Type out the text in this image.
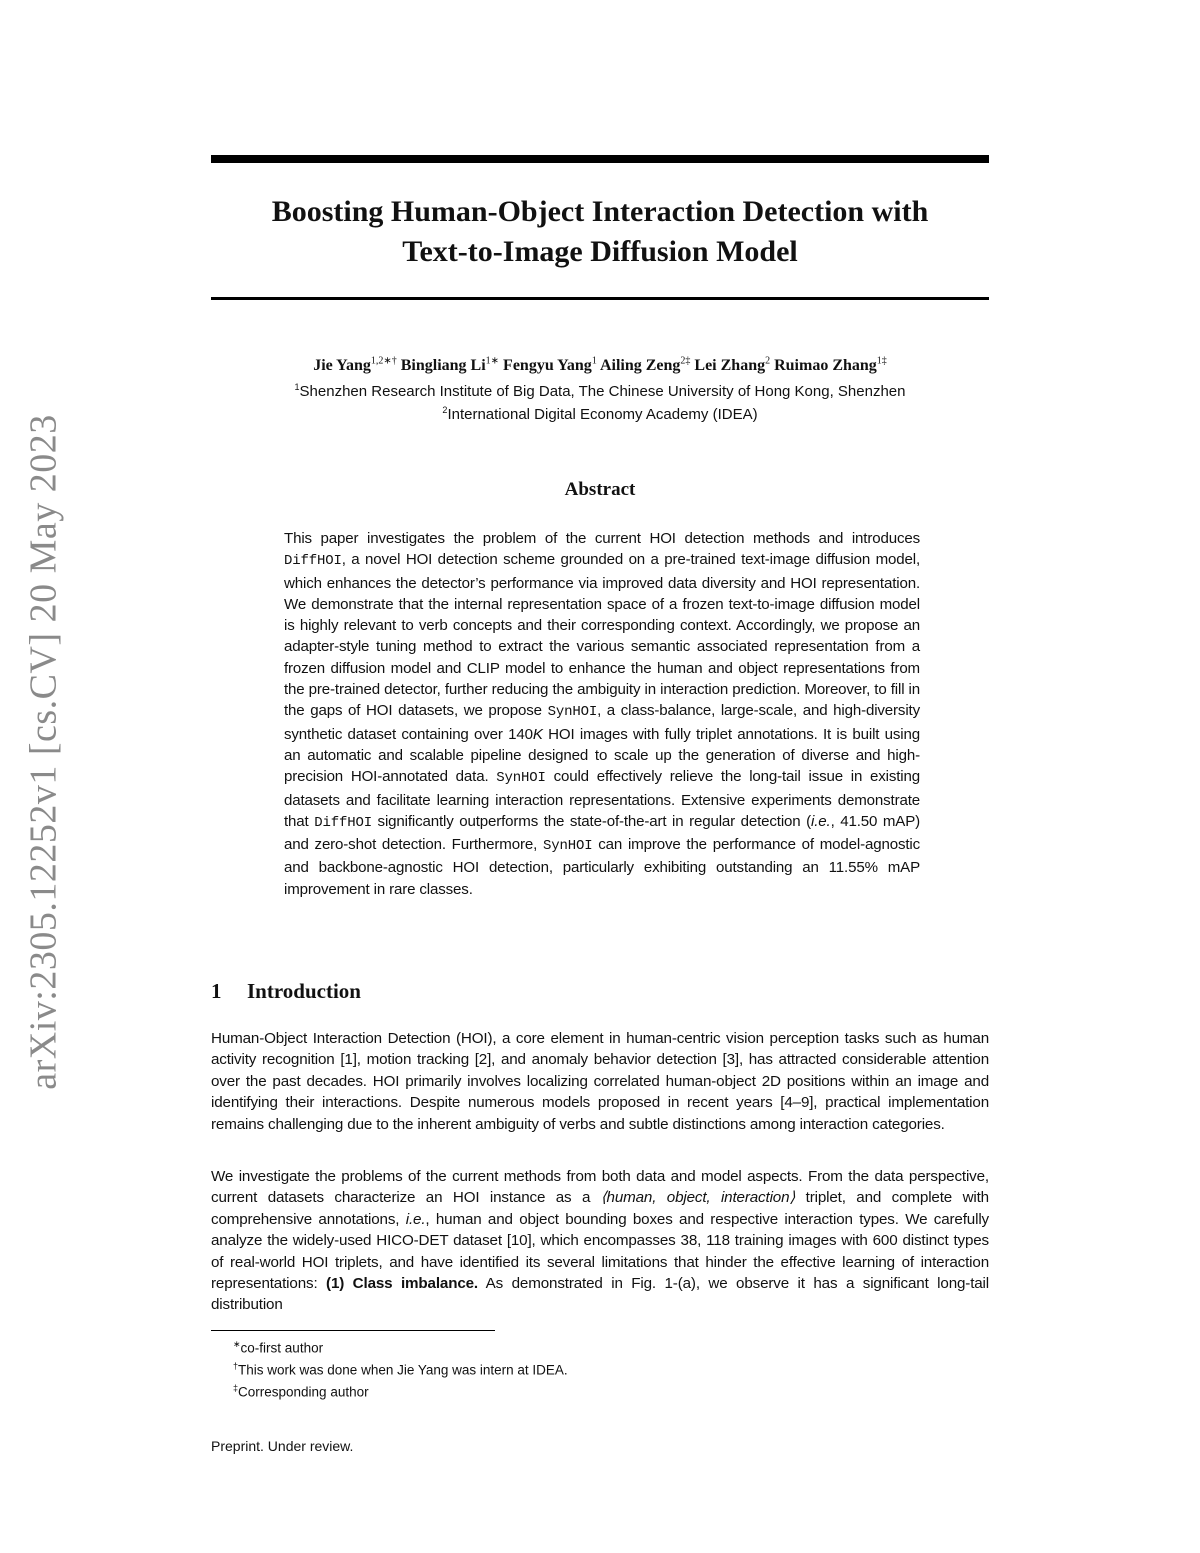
arXiv:2305.12252v1 [cs.CV] 20 May 2023
Boosting Human-Object Interaction Detection with
Text-to-Image Diffusion Model
Jie Yang$^{1,2∗\dagger}$ Bingliang $Li^{1∗}$ Fengyu Yang$^1$ Ailing Zeng$^{2\ddagger}$ Lei Zhang$^2$ Ruimao Zhang$^{1\ddagger}$
$^1$Shenzhen Research Institute of Big Data, The Chinese University of Hong Kong, Shenzhen
$^2$International Digital Economy Academy (IDEA)
Abstract
This paper investigates the problem of the current HOI detection methods and introduces DiffHOI, a novel HOI detection scheme grounded on a pre-trained text-image diffusion model, which enhances the detector’s performance via improved data diversity and HOI representation. We demonstrate that the internal representation space of a frozen text-to-image diffusion model is highly relevant to verb concepts and their corresponding context. Accordingly, we propose an adapter-style tuning method to extract the various semantic associated representation from a frozen diffusion model and CLIP model to enhance the human and object representations from the pre-trained detector, further reducing the ambiguity in interaction prediction. Moreover, to fill in the gaps of HOI datasets, we propose SynHOI, a class-balance, large-scale, and high-diversity synthetic dataset containing over 140K HOI images with fully triplet annotations. It is built using an automatic and scalable pipeline designed to scale up the generation of diverse and high-precision HOI-annotated data. SynHOI could effectively relieve the long-tail issue in existing datasets and facilitate learning interaction representations. Extensive experiments demonstrate that DiffHOI significantly outperforms the state-of-the-art in regular detection (i.e., 41.50 mAP) and zero-shot detection. Furthermore, SynHOI can improve the performance of model-agnostic and backbone-agnostic HOI detection, particularly exhibiting outstanding an 11.55% mAP improvement in rare classes.
1 Introduction
Human-Object Interaction Detection (HOI), a core element in human-centric vision perception tasks such as human activity recognition [1], motion tracking [2], and anomaly behavior detection [3], has attracted considerable attention over the past decades. HOI primarily involves localizing correlated human-object 2D positions within an image and identifying their interactions. Despite numerous models proposed in recent years [4–9], practical implementation remains challenging due to the inherent ambiguity of verbs and subtle distinctions among interaction categories.
We investigate the problems of the current methods from both data and model aspects. From the data perspective, current datasets characterize an HOI instance as a ⟨human, object, interaction⟩ triplet, and complete with comprehensive annotations, i.e., human and object bounding boxes and respective interaction types. We carefully analyze the widely-used HICO-DET dataset [10], which encompasses 38, 118 training images with 600 distinct types of real-world HOI triplets, and have identified its several limitations that hinder the effective learning of interaction representations: (1) Class imbalance. As demonstrated in Fig. 1-(a), we observe it has a significant long-tail distribution
∗co-first author
†This work was done when Jie Yang was intern at IDEA.
‡Corresponding author
Preprint. Under review.
